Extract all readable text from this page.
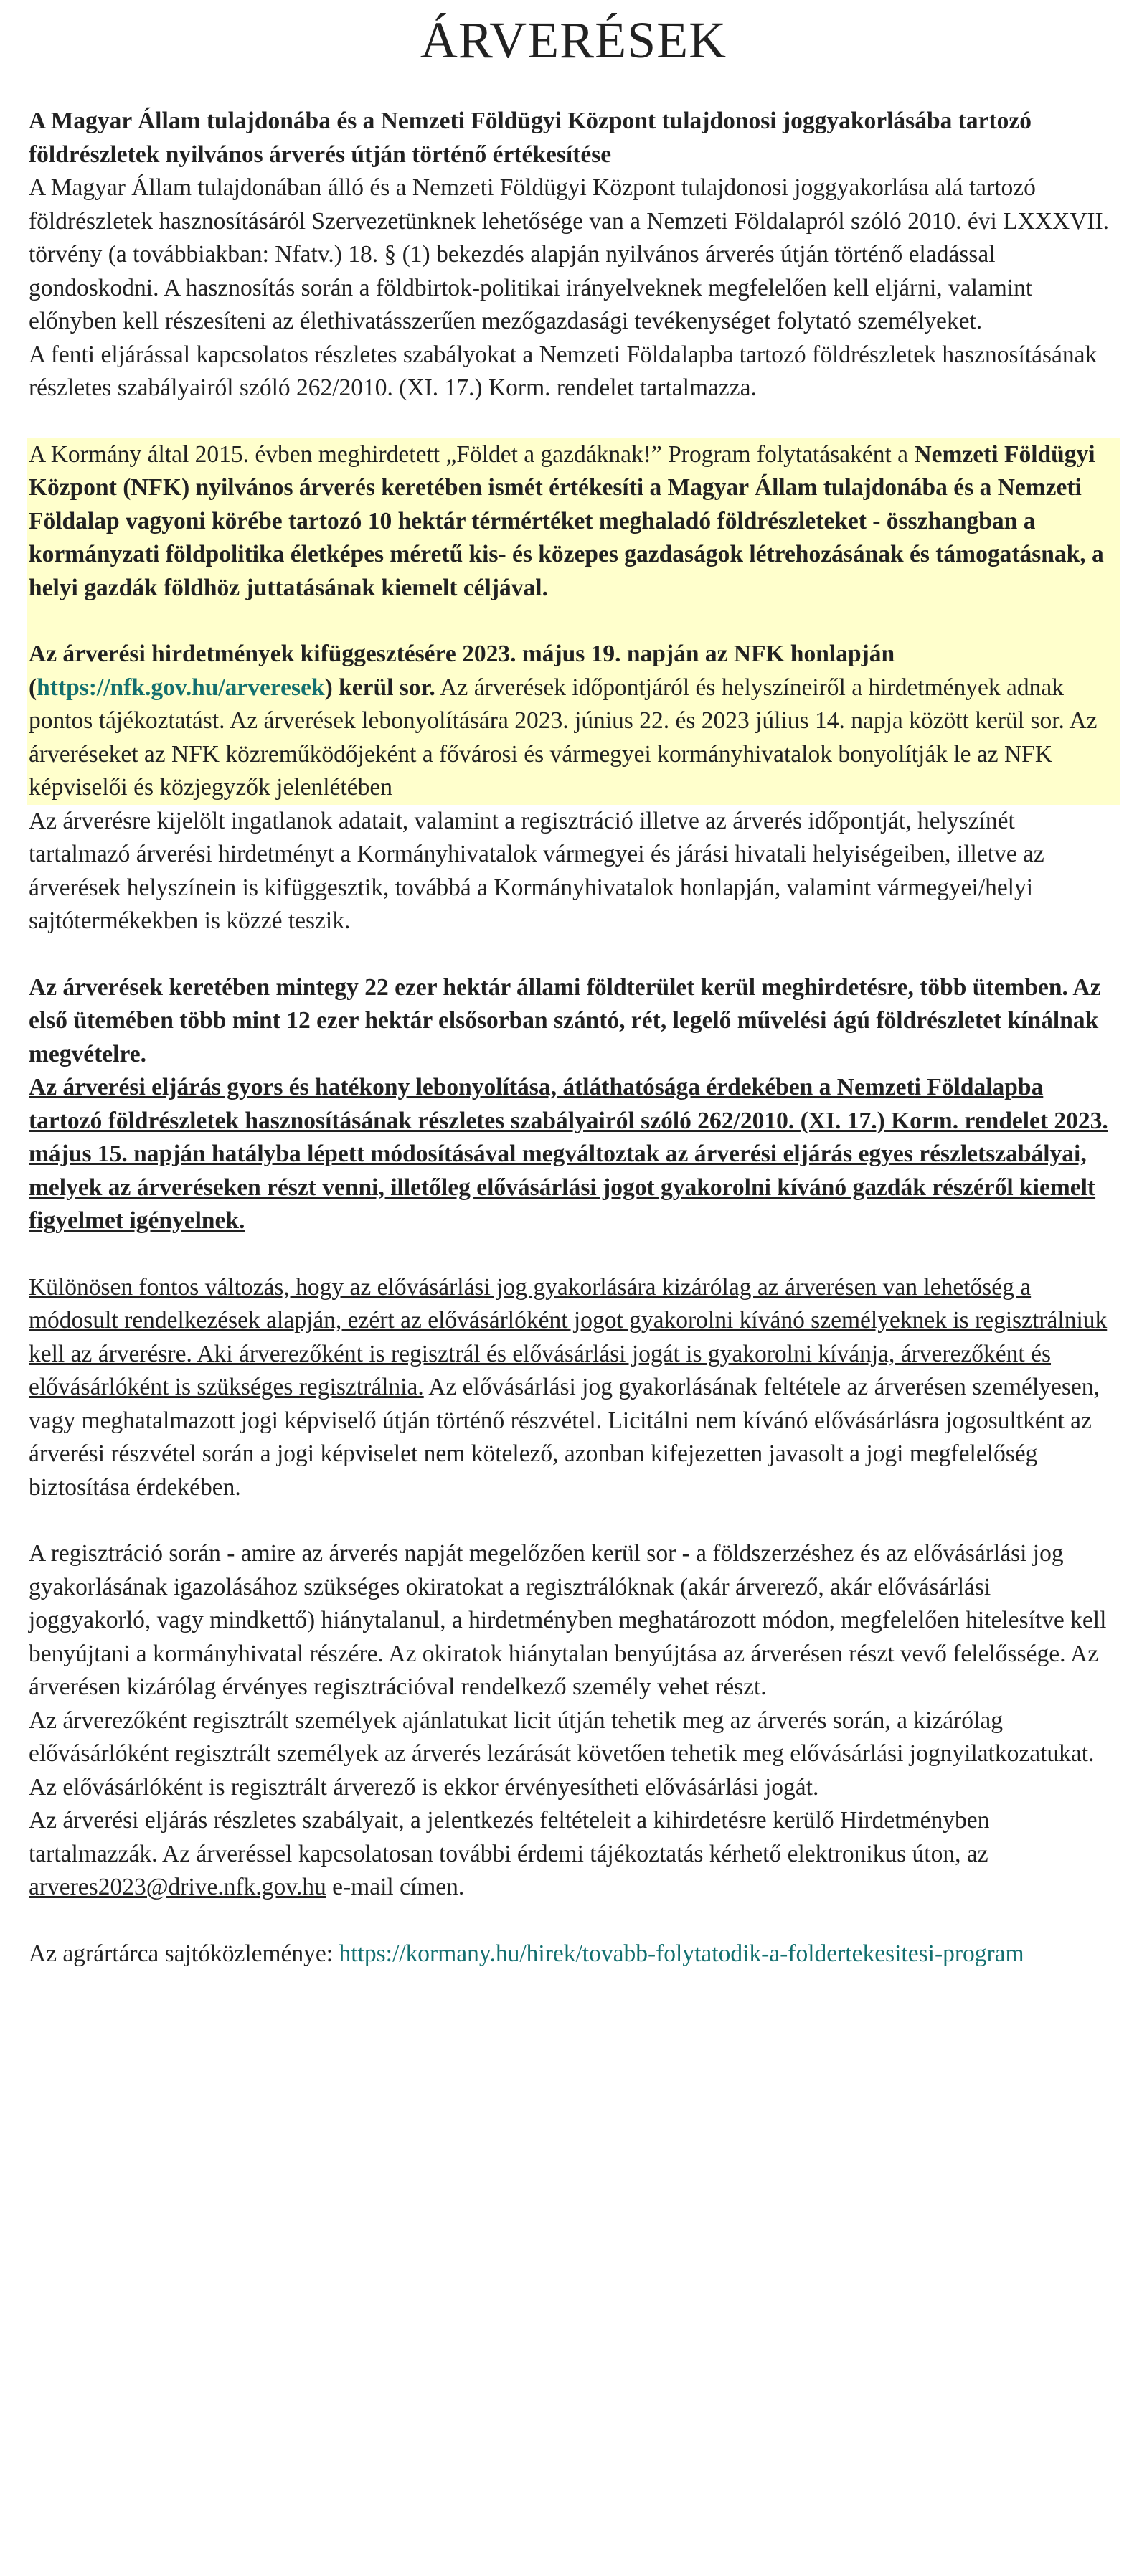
ÁRVERÉSEK

A Magyar Állam tulajdonába és a Nemzeti Földügyi Központ tulajdonosi joggyakorlásába tartozó földrészletek nyilvános árverés útján történő értékesítése

A Magyar Állam tulajdonában álló és a Nemzeti Földügyi Központ tulajdonosi joggyakorlása alá tartozó földrészletek hasznosításáról Szervezetünknek lehetősége van a Nemzeti Földalapról szóló 2010. évi LXXXVII. törvény (a továbbiakban: Nfatv.) 18. § (1) bekezdés alapján nyilvános árverés útján történő eladással gondoskodni. A hasznosítás során a földbirtok-politikai irányelveknek megfelelően kell eljárni, valamint előnyben kell részesíteni az élethivatásszerűen mezőgazdasági tevékenységet folytató személyeket.

A fenti eljárással kapcsolatos részletes szabályokat a Nemzeti Földalapba tartozó földrészletek hasznosításának részletes szabályairól szóló 262/2010. (XI. 17.) Korm. rendelet tartalmazza.

A Kormány által 2015. évben meghirdetett „Földet a gazdáknak!” Program folytatásaként a Nemzeti Földügyi Központ (NFK) nyilvános árverés keretében ismét értékesíti a Magyar Állam tulajdonába és a Nemzeti Földalap vagyoni körébe tartozó 10 hektár térmértéket meghaladó földrészleteket - összhangban a kormányzati földpolitika életképes méretű kis- és közepes gazdaságok létrehozásának és támogatásnak, a helyi gazdák földhöz juttatásának kiemelt céljával.

Az árverési hirdetmények kifüggesztésére 2023. május 19. napján az NFK honlapján (https://nfk.gov.hu/arveresek) kerül sor. Az árverések időpontjáról és helyszíneiről a hirdetmények adnak pontos tájékoztatást. Az árverések lebonyolítására 2023. június 22. és 2023 július 14. napja között kerül sor. Az árveréseket az NFK közreműködőjeként a fővárosi és vármegyei kormányhivatalok bonyolítják le az NFK képviselői és közjegyzők jelenlétében

Az árverésre kijelölt ingatlanok adatait, valamint a regisztráció illetve az árverés időpontját, helyszínét tartalmazó árverési hirdetményt a Kormányhivatalok vármegyei és járási hivatali helyiségeiben, illetve az árverések helyszínein is kifüggesztik, továbbá a Kormányhivatalok honlapján, valamint vármegyei/helyi sajtótermékekben is közzé teszik.

Az árverések keretében mintegy 22 ezer hektár állami földterület kerül meghirdetésre, több ütemben. Az első ütemében több mint 12 ezer hektár elsősorban szántó, rét, legelő művelési ágú földrészletet kínálnak megvételre.

Az árverési eljárás gyors és hatékony lebonyolítása, átláthatósága érdekében a Nemzeti Földalapba tartozó földrészletek hasznosításának részletes szabályairól szóló 262/2010. (XI. 17.) Korm. rendelet 2023. május 15. napján hatályba lépett módosításával megváltoztak az árverési eljárás egyes részletszabályai, melyek az árveréseken részt venni, illetőleg elővásárlási jogot gyakorolni kívánó gazdák részéről kiemelt figyelmet igényelnek.

Különösen fontos változás, hogy az elővásárlási jog gyakorlására kizárólag az árverésen van lehetőség a módosult rendelkezések alapján, ezért az elővásárlóként jogot gyakorolni kívánó személyeknek is regisztrálniuk kell az árverésre. Aki árverezőként is regisztrál és elővásárlási jogát is gyakorolni kívánja, árverezőként és elővásárlóként is szükséges regisztrálnia. Az elővásárlási jog gyakorlásának feltétele az árverésen személyesen, vagy meghatalmazott jogi képviselő útján történő részvétel. Licitálni nem kívánó elővásárlásra jogosultként az árverési részvétel során a jogi képviselet nem kötelező, azonban kifejezetten javasolt a jogi megfelelőség biztosítása érdekében.

A regisztráció során - amire az árverés napját megelőzően kerül sor - a földszerzéshez és az elővásárlási jog gyakorlásának igazolásához szükséges okiratokat a regisztrálóknak (akár árverező, akár elővásárlási joggyakorló, vagy mindkettő) hiánytalanul, a hirdetményben meghatározott módon, megfelelően hitelesítve kell benyújtani a kormányhivatal részére. Az okiratok hiánytalan benyújtása az árverésen részt vevő felelőssége. Az árverésen kizárólag érvényes regisztrációval rendelkező személy vehet részt.

Az árverezőként regisztrált személyek ajánlatukat licit útján tehetik meg az árverés során, a kizárólag elővásárlóként regisztrált személyek az árverés lezárását követően tehetik meg elővásárlási jognyilatkozatukat. Az elővásárlóként is regisztrált árverező is ekkor érvényesítheti elővásárlási jogát.

Az árverési eljárás részletes szabályait, a jelentkezés feltételeit a kihirdetésre kerülő Hirdetményben tartalmazzák. Az árveréssel kapcsolatosan további érdemi tájékoztatás kérhető elektronikus úton, az arveres2023@drive.nfk.gov.hu e-mail címen.

Az agrártárca sajtóközleménye: https://kormany.hu/hirek/tovabb-folytatodik-a-foldertekesitesi-program
